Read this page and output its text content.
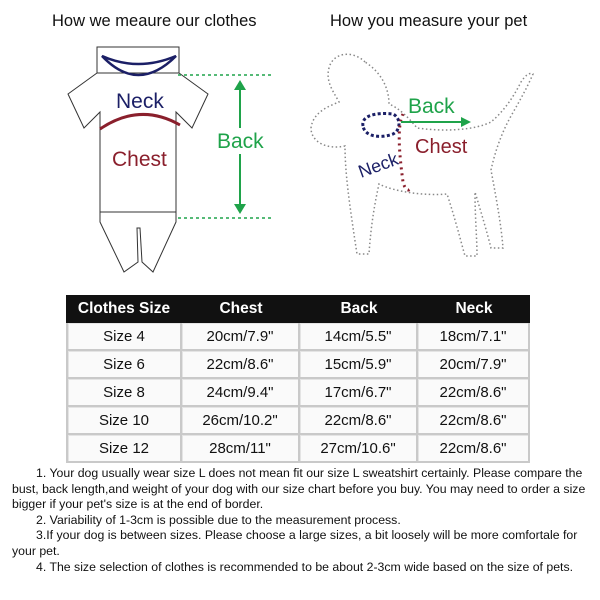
How we meaure our clothes	How you measure your pet
Neck
Chest
Back
Back
Chest
Neck
Clothes Size	Chest	Back	Neck
Size 4	20cm/7.9"	14cm/5.5"	18cm/7.1"
Size 6	22cm/8.6"	15cm/5.9"	20cm/7.9"
Size 8	24cm/9.4"	17cm/6.7"	22cm/8.6"
Size 10	26cm/10.2"	22cm/8.6"	22cm/8.6"
Size 12	28cm/11"	27cm/10.6"	22cm/8.6"

1. Your dog usually wear size L does not mean fit our size L sweatshirt certainly. Please compare the bust, back length,and weight of your dog with our size chart before you buy. You may need to order a size bigger if your pet's size is at the end of border.

2. Variability of 1-3cm is possible due to the measurement process.

3.If your dog is between sizes. Please choose a large sizes, a bit loosely will be more comfortale for your pet.

4. The size selection of clothes is recommended to be about 2-3cm wide based on the size of pets.
